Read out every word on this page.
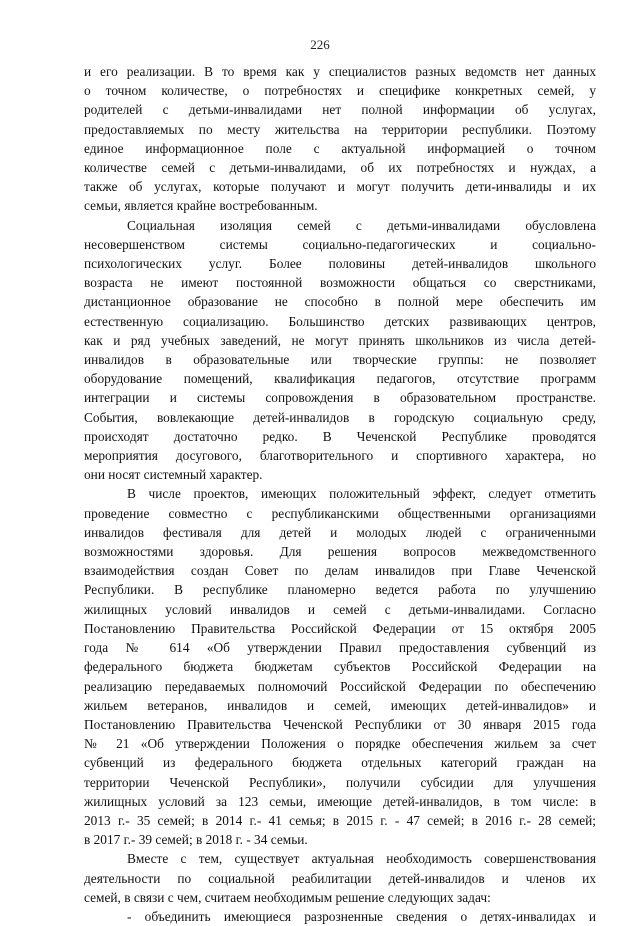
226

и его реализации. В то время как у специалистов разных ведомств нет данных

о точном количестве, о потребностях и специфике конкретных семей, у

родителей с детьми-инвалидами нет полной информации об услугах,

предоставляемых по месту жительства на территории республики. Поэтому

единое информационное поле с актуальной информацией о точном

количестве семей с детьми-инвалидами, об их потребностях и нуждах, а

также об услугах, которые получают и могут получить дети-инвалиды и их

семьи, является крайне востребованным.

Социальная изоляция семей с детьми-инвалидами обусловлена

несовершенством системы социально-педагогических и социально-

психологических услуг. Более половины детей-инвалидов школьного

возраста не имеют постоянной возможности общаться со сверстниками,

дистанционное образование не способно в полной мере обеспечить им

естественную социализацию. Большинство детских развивающих центров,

как и ряд учебных заведений, не могут принять школьников из числа детей-

инвалидов в образовательные или творческие группы: не позволяет

оборудование помещений, квалификация педагогов, отсутствие программ

интеграции и системы сопровождения в образовательном пространстве.

События, вовлекающие детей-инвалидов в городскую социальную среду,

происходят достаточно редко. В Чеченской Республике проводятся

мероприятия досугового, благотворительного и спортивного характера, но

они носят системный характер.

В числе проектов, имеющих положительный эффект, следует отметить

проведение совместно с республиканскими общественными организациями

инвалидов фестиваля для детей и молодых людей с ограниченными

возможностями здоровья. Для решения вопросов межведомственного

взаимодействия создан Совет по делам инвалидов при Главе Чеченской

Республики. В республике планомерно ведется работа по улучшению

жилищных условий инвалидов и семей с детьми-инвалидами. Согласно

Постановлению Правительства Российской Федерации от 15 октября 2005

года № 614 «Об утверждении Правил предоставления субвенций из

федерального бюджета бюджетам субъектов Российской Федерации на

реализацию передаваемых полномочий Российской Федерации по обеспечению

жильем ветеранов, инвалидов и семей, имеющих детей-инвалидов» и

Постановлению Правительства Чеченской Республики от 30 января 2015 года

№ 21 «Об утверждении Положения о порядке обеспечения жильем за счет

субвенций из федерального бюджета отдельных категорий граждан на

территории Чеченской Республики», получили субсидии для улучшения

жилищных условий за 123 семьи, имеющие детей-инвалидов, в том числе: в

2013 г.- 35 семей; в 2014 г.- 41 семья; в 2015 г. - 47 семей; в 2016 г.- 28 семей;

в 2017 г.- 39 семей; в 2018 г. - 34 семьи.

Вместе с тем, существует актуальная необходимость совершенствования

деятельности по социальной реабилитации детей-инвалидов и членов их

семей, в связи с чем, считаем необходимым решение следующих задач:

- объединить имеющиеся разрозненные сведения о детях-инвалидах и
